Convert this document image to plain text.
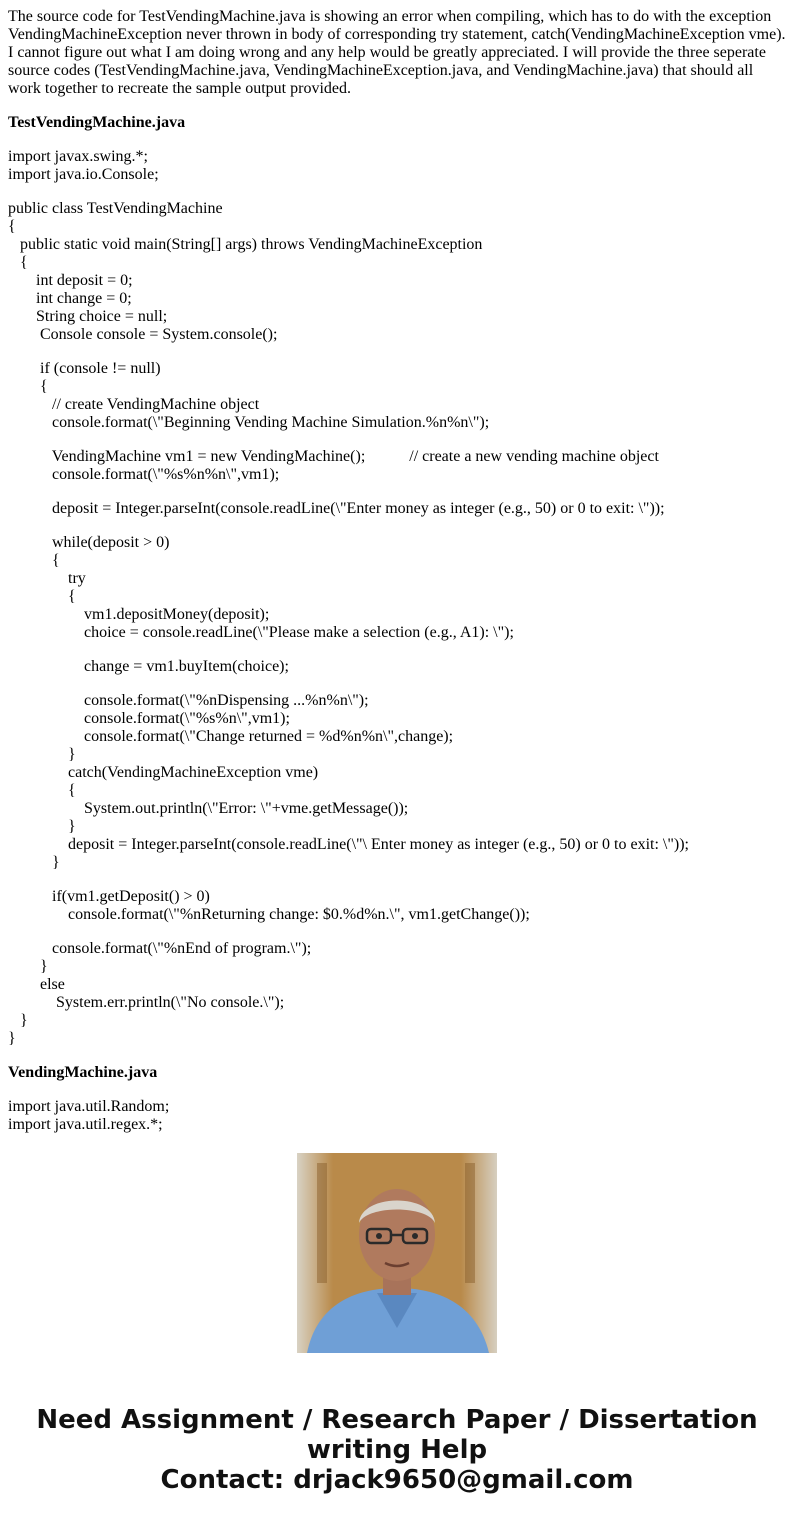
The source code for TestVendingMachine.java is showing an error when compiling, which has to do with the exception VendingMachineException never thrown in body of corresponding try statement, catch(VendingMachineException vme). I cannot figure out what I am doing wrong and any help would be greatly appreciated. I will provide the three seperate source codes (TestVendingMachine.java, VendingMachineException.java, and VendingMachine.java) that should all work together to recreate the sample output provided.

TestVendingMachine.java

import javax.swing.*;
import java.io.Console;
public class TestVendingMachine
{
public static void main(String[] args) throws VendingMachineException
{
int deposit = 0;
int change = 0;
String choice = null;
Console console = System.console();
if (console != null)
{
// create VendingMachine object
console.format(\"Beginning Vending Machine Simulation.%n%n\");
VendingMachine vm1 = new VendingMachine();           // create a new vending machine object
console.format(\"%s%n%n\",vm1);
deposit = Integer.parseInt(console.readLine(\"Enter money as integer (e.g., 50) or 0 to exit: \"));
while(deposit > 0)
{
try
{
vm1.depositMoney(deposit);
choice = console.readLine(\"Please make a selection (e.g., A1): \");
change = vm1.buyItem(choice);
console.format(\"%nDispensing ...%n%n\");
console.format(\"%s%n\",vm1);
console.format(\"Change returned = %d%n%n\",change);
}
catch(VendingMachineException vme)
{
System.out.println(\"Error: \"+vme.getMessage());
}
deposit = Integer.parseInt(console.readLine(\"\ Enter money as integer (e.g., 50) or 0 to exit: \"));
}
if(vm1.getDeposit() > 0)
console.format(\"%nReturning change: $0.%d%n.\", vm1.getChange());
console.format(\"%nEnd of program.\");
}
else
System.err.println(\"No console.\");
}
}

VendingMachine.java

import java.util.Random;
import java.util.regex.*;
Need Assignment / Research Paper / Dissertation
writing Help
Contact: drjack9650@gmail.com
